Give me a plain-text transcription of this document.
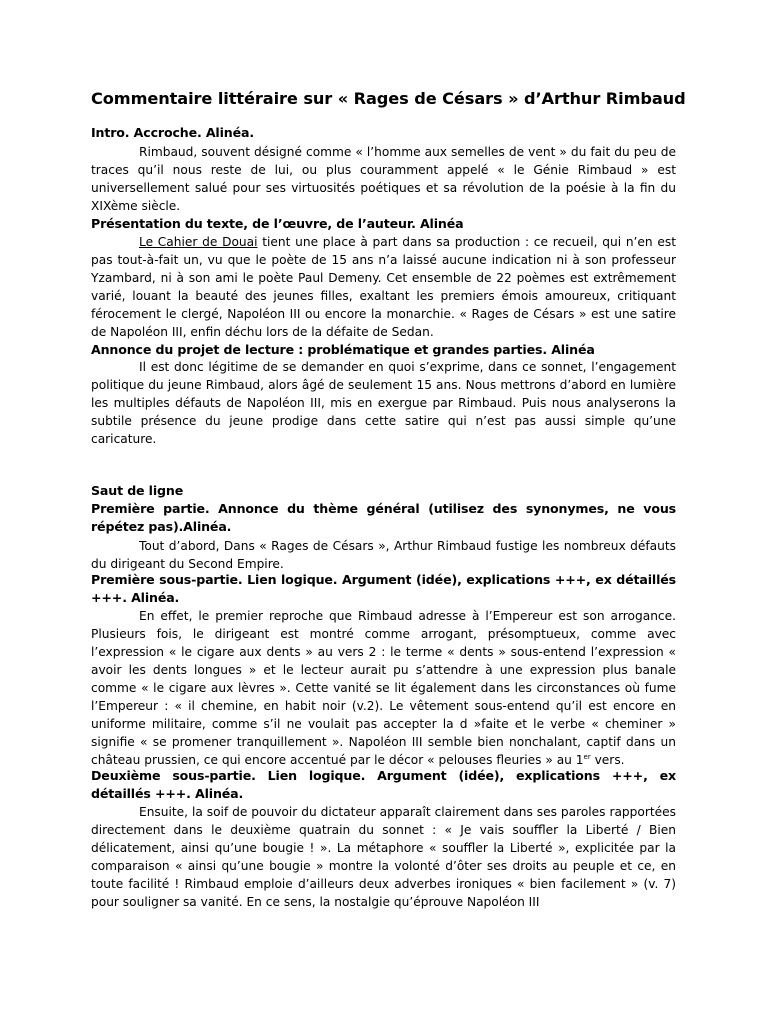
Commentaire littéraire sur « Rages de Césars » d’Arthur Rimbaud
Intro. Accroche. Alinéa.

Rimbaud, souvent désigné comme « l’homme aux semelles de vent » du fait du peu de traces qu’il nous reste de lui, ou plus couramment appelé « le Génie Rimbaud » est universellement salué pour ses virtuosités poétiques et sa révolution de la poésie à la fin du XIXème siècle.

Présentation du texte, de l’œuvre, de l’auteur. Alinéa

Le Cahier de Douai tient une place à part dans sa production : ce recueil, qui n’en est pas tout-à-fait un, vu que le poète de 15 ans n’a laissé aucune indication ni à son professeur Yzambard, ni à son ami le poète Paul Demeny. Cet ensemble de 22 poèmes est extrêmement varié, louant la beauté des jeunes filles, exaltant les premiers émois amoureux, critiquant férocement le clergé, Napoléon III ou encore la monarchie. « Rages de Césars » est une satire de Napoléon III, enfin déchu lors de la défaite de Sedan.

Annonce du projet de lecture : problématique et grandes parties. Alinéa

Il est donc légitime de se demander en quoi s’exprime, dans ce sonnet, l’engagement politique du jeune Rimbaud, alors âgé de seulement 15 ans. Nous mettrons d’abord en lumière les multiples défauts de Napoléon III, mis en exergue par Rimbaud. Puis nous analyserons la subtile présence du jeune prodige dans cette satire qui n’est pas aussi simple qu’une caricature.

Saut de ligne
Première partie. Annonce du thème général (utilisez des synonymes, ne vous répétez pas).Alinéa.

Tout d’abord, Dans « Rages de Césars », Arthur Rimbaud fustige les nombreux défauts du dirigeant du Second Empire.

Première sous-partie. Lien logique. Argument (idée), explications +++, ex détaillés +++. Alinéa.

En effet, le premier reproche que Rimbaud adresse à l’Empereur est son arrogance. Plusieurs fois, le dirigeant est montré comme arrogant, présomptueux, comme avec l’expression « le cigare aux dents » au vers 2 : le terme « dents » sous-entend l’expression « avoir les dents longues » et le lecteur aurait pu s’attendre à une expression plus banale comme « le cigare aux lèvres ». Cette vanité se lit également dans les circonstances où fume l’Empereur : « il chemine, en habit noir (v.2). Le vêtement sous-entend qu’il est encore en uniforme militaire, comme s’il ne voulait pas accepter la d »faite et le verbe « cheminer » signifie « se promener tranquillement ». Napoléon III semble bien nonchalant, captif dans un château prussien, ce qui encore accentué par le décor « pelouses fleuries » au 1er vers.

Deuxième sous-partie. Lien logique. Argument (idée), explications +++, ex détaillés +++. Alinéa.

Ensuite, la soif de pouvoir du dictateur apparaît clairement dans ses paroles rapportées directement dans le deuxième quatrain du sonnet : « Je vais souffler la Liberté / Bien délicatement, ainsi qu’une bougie ! ». La métaphore « souffler la Liberté », explicitée par la comparaison « ainsi qu’une bougie » montre la volonté d’ôter ses droits au peuple et ce, en toute facilité ! Rimbaud emploie d’ailleurs deux adverbes ironiques « bien facilement » (v. 7) pour souligner sa vanité. En ce sens, la nostalgie qu’éprouve Napoléon III
